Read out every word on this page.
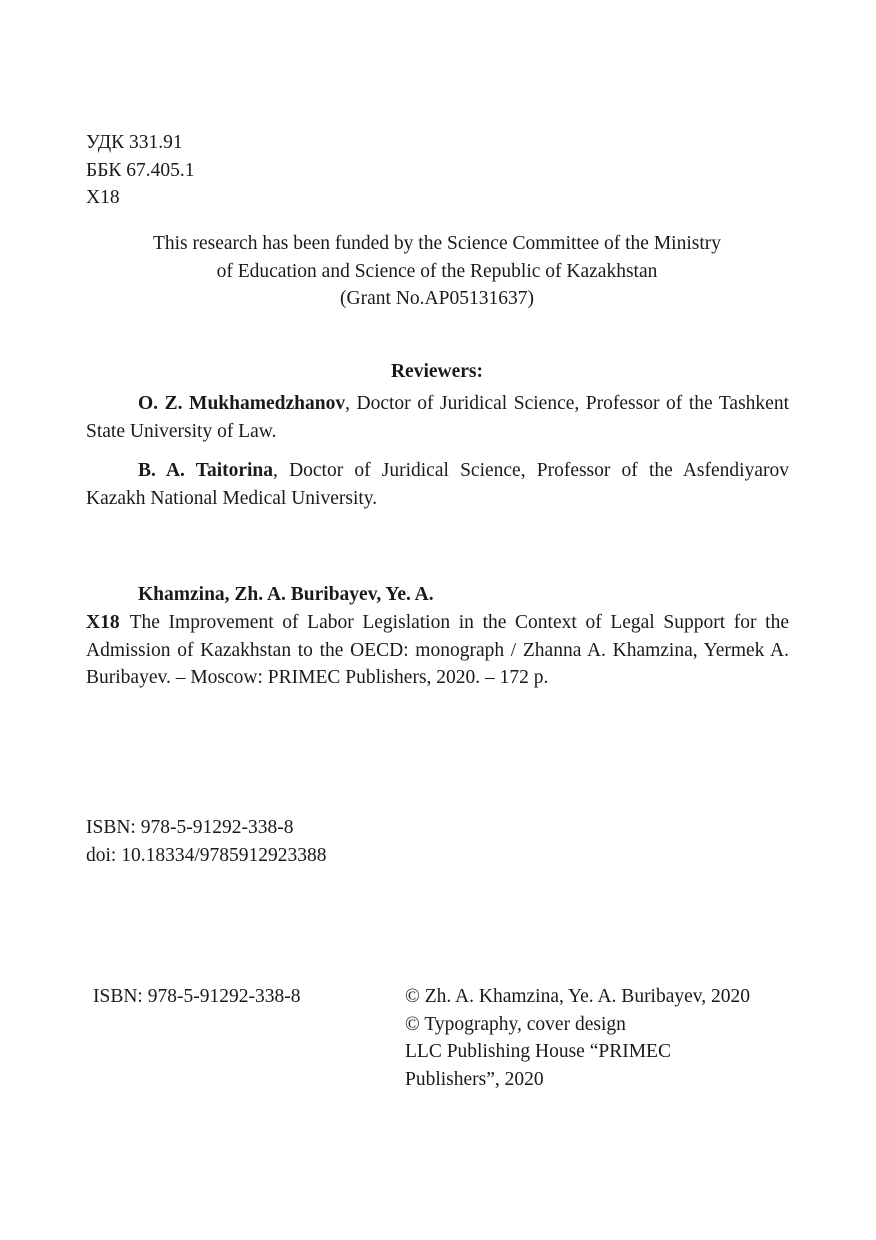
УДК 331.91
ББК 67.405.1
Х18
This research has been funded by the Science Committee of the Ministry
of Education and Science of the Republic of Kazakhstan
(Grant No.AP05131637)
Reviewers:
O. Z. Mukhamedzhanov, Doctor of Juridical Science, Professor of the Tashkent State University of Law.
B. A. Taitorina, Doctor of Juridical Science, Professor of the Asfendiyarov Kazakh National Medical University.
Khamzina, Zh. A. Buribayev, Ye. A.
Х18 The Improvement of Labor Legislation in the Context of Legal Support for the Admission of Kazakhstan to the OECD: monograph / Zhanna A. Khamzina, Yermek A. Buribayev. – Moscow: PRIMEC Publishers, 2020. – 172 p.
ISBN: 978-5-91292-338-8
doi: 10.18334/9785912923388
ISBN: 978-5-91292-338-8	© Zh. A. Khamzina, Ye. A. Buribayev, 2020
© Typography, cover design
LLC Publishing House “PRIMEC
Publishers”, 2020
